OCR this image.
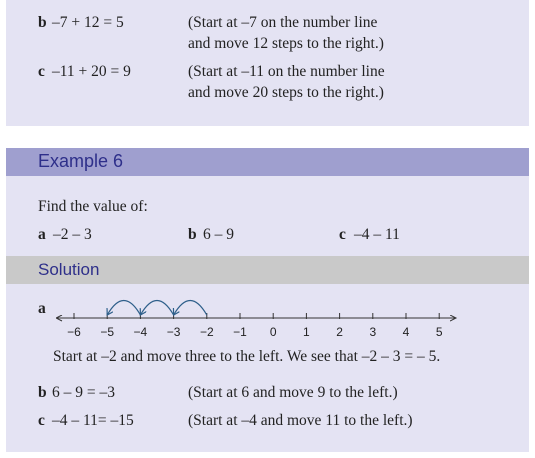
b –7 + 12 = 5	(Start at –7 on the number line
and move 12 steps to the right.)
c –11 + 20 = 9	(Start at –11 on the number line
and move 20 steps to the right.)
Example 6
Find the value of:
a –2 – 3	b 6 – 9	c –4 – 11
Solution
a
−6 −5 −4 −3 −2 −1 0 1 2 3 4 5
Start at –2 and move three to the left. We see that –2 – 3 = – 5.
b 6 – 9 = –3	(Start at 6 and move 9 to the left.)
c –4 – 11= –15	(Start at –4 and move 11 to the left.)
